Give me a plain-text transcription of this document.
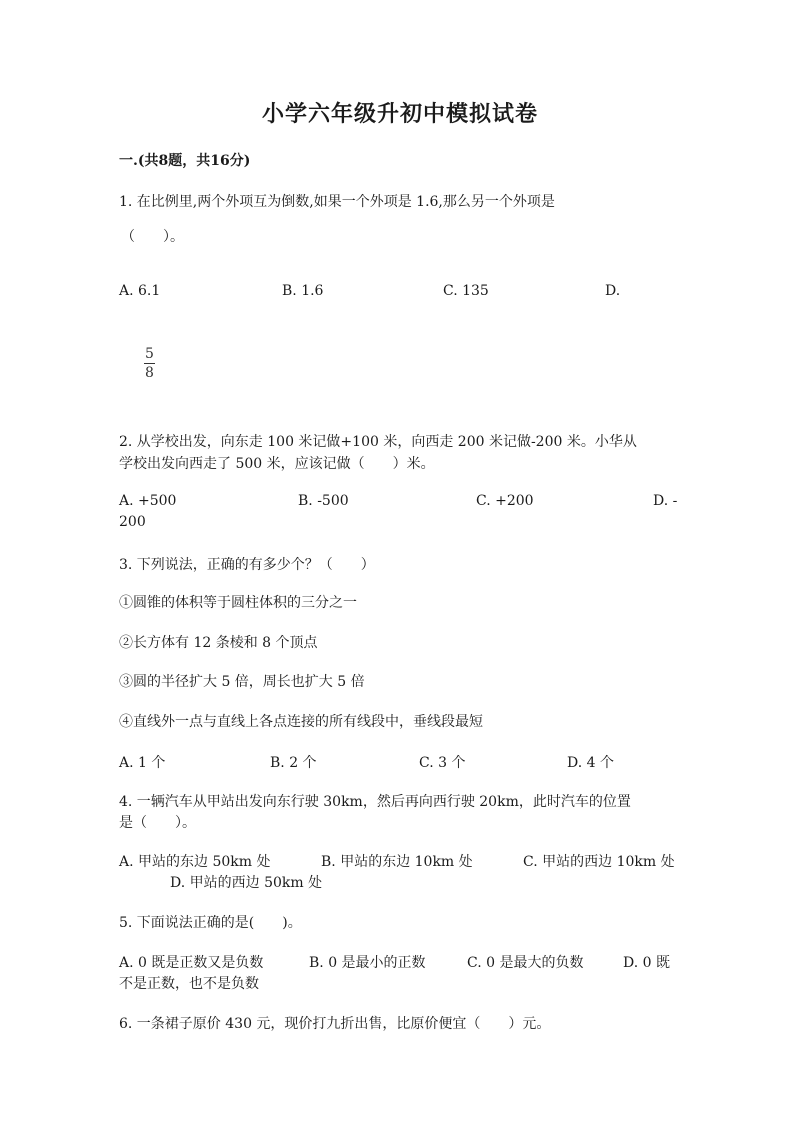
小学六年级升初中模拟试卷
一.(共8题，共16分)
1. 在比例里,两个外项互为倒数,如果一个外项是 1.6,那么另一个外项是
（　　）。
A. 6.1	B. 1.6	C. 135	D.
5
8
2. 从学校出发，向东走 100 米记做+100 米，向西走 200 米记做-200 米。小华从
学校出发向西走了 500 米，应该记做（　　）米。
A. +500	B. -500	C. +200	D. -
200
3. 下列说法，正确的有多少个？（　　）
①圆锥的体积等于圆柱体积的三分之一
②长方体有 12 条棱和 8 个顶点
③圆的半径扩大 5 倍，周长也扩大 5 倍
④直线外一点与直线上各点连接的所有线段中，垂线段最短
A. 1 个	B. 2 个	C. 3 个	D. 4 个
4. 一辆汽车从甲站出发向东行驶 30km，然后再向西行驶 20km，此时汽车的位置
是（　　）。
A. 甲站的东边 50km 处	B. 甲站的东边 10km 处	C. 甲站的西边 10km 处
D. 甲站的西边 50km 处
5. 下面说法正确的是(　　)。
A. 0 既是正数又是负数	B. 0 是最小的正数	C. 0 是最大的负数	D. 0 既
不是正数，也不是负数
6. 一条裙子原价 430 元，现价打九折出售，比原价便宜（　　）元。
